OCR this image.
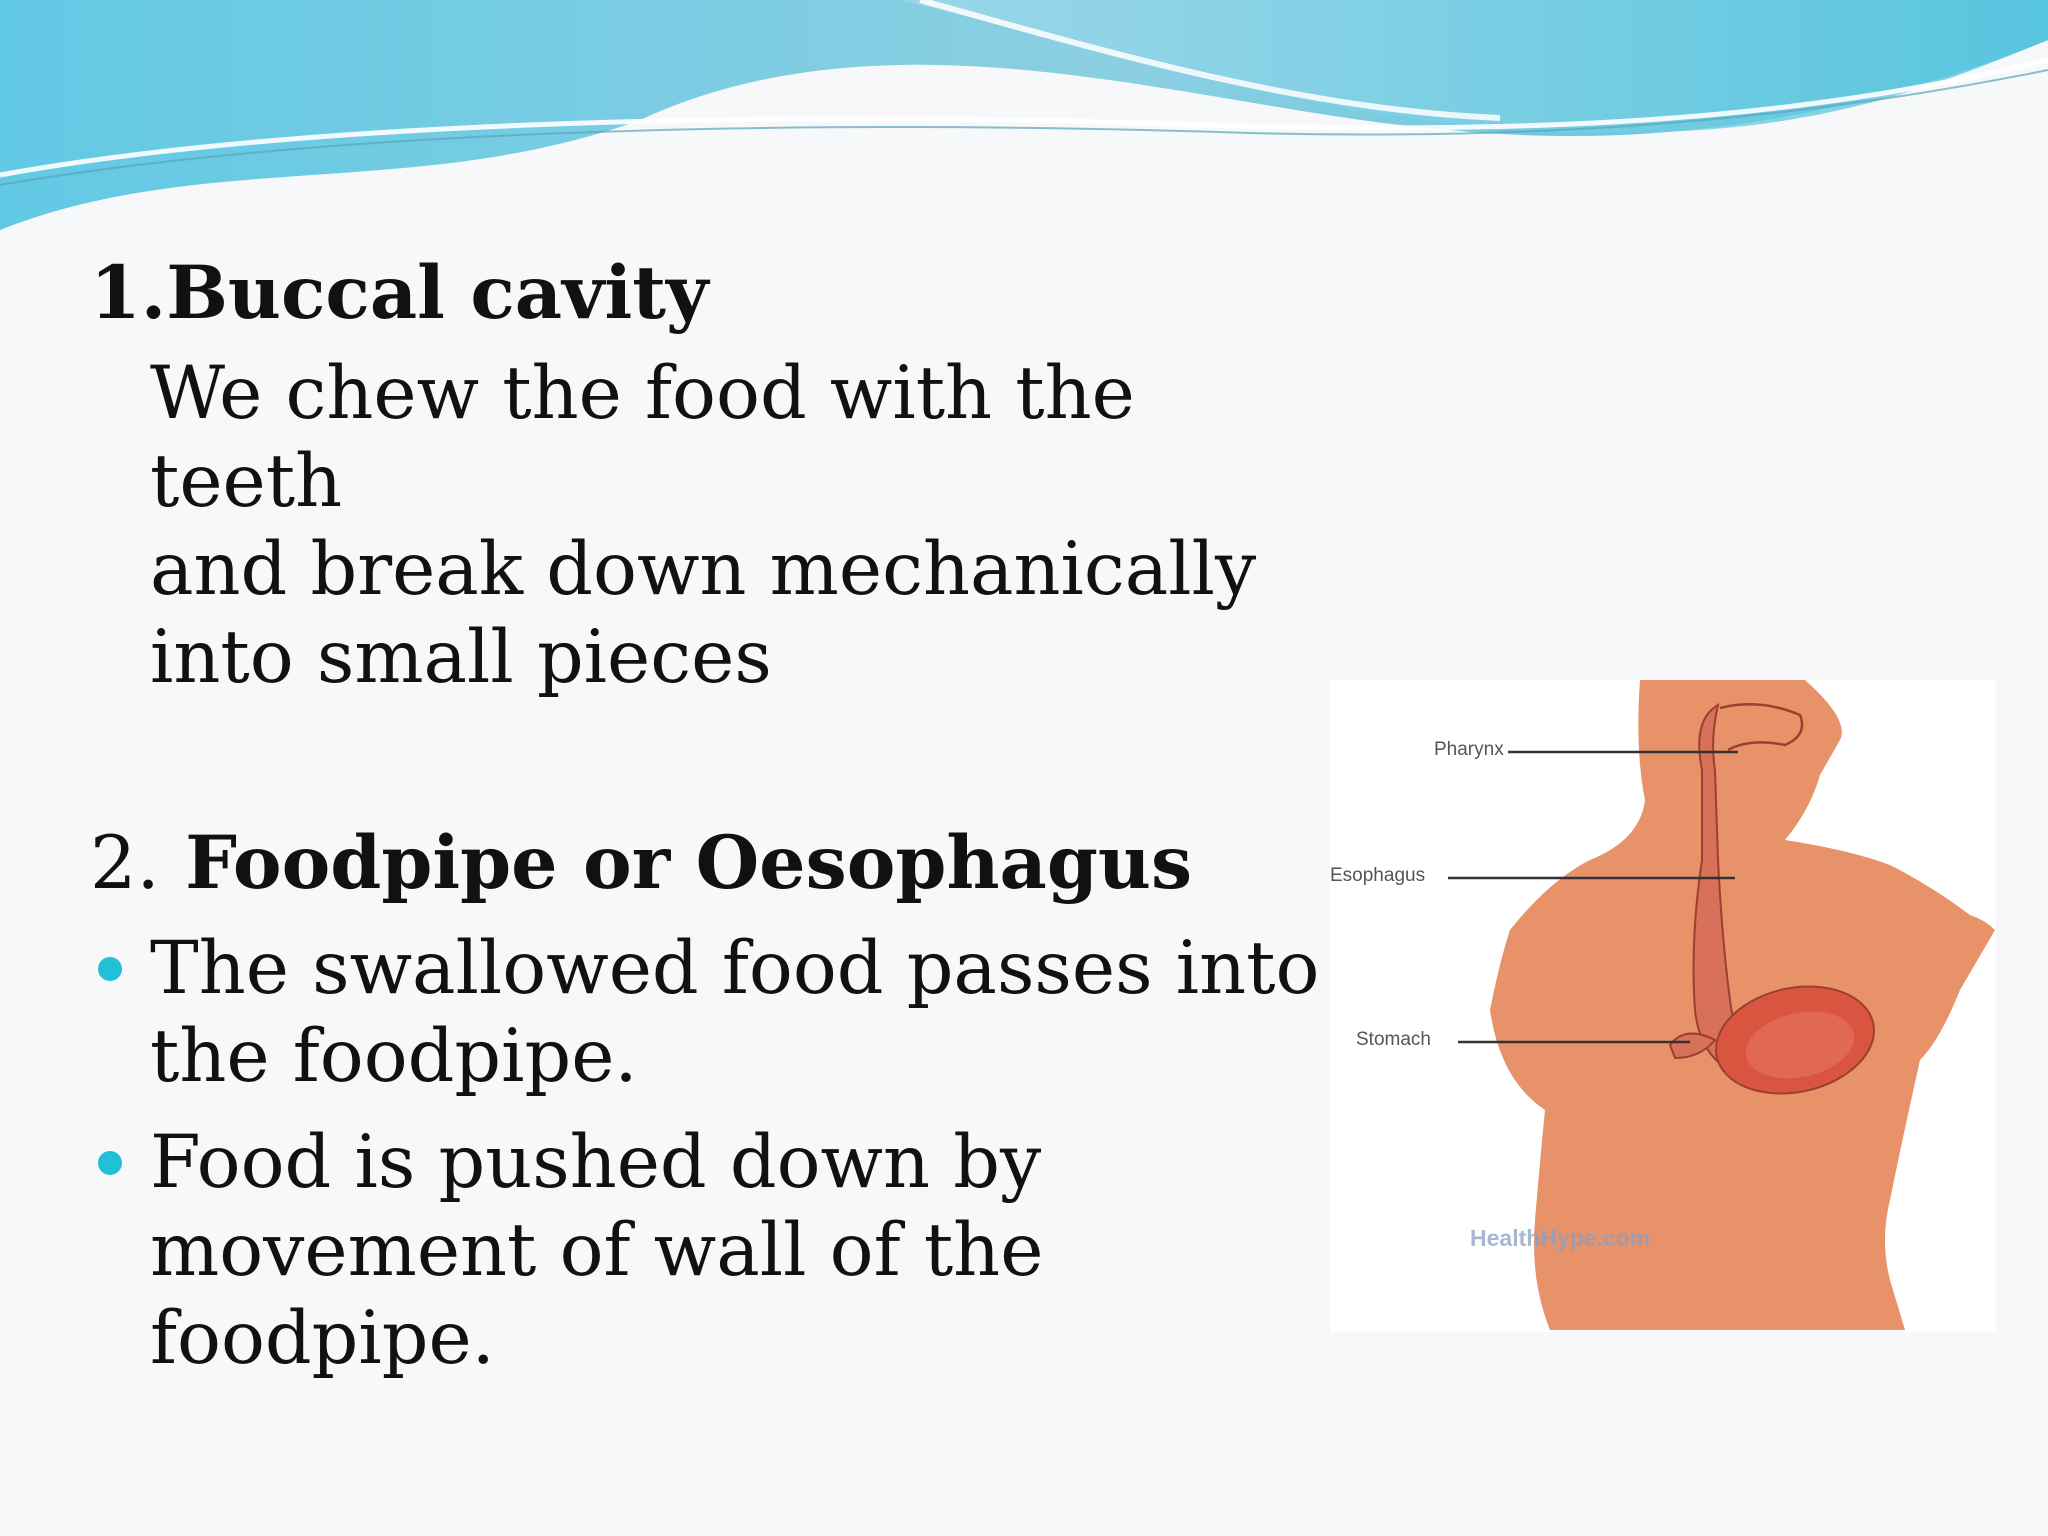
1.Buccal cavity

We chew the food with the teeth
and break down mechanically
into small pieces

2. Foodpipe or Oesophagus
The swallowed food passes into
the foodpipe.
Food is pushed down by
movement of wall of the
foodpipe.
Pharynx
Esophagus
Stomach
HealthHype.com
